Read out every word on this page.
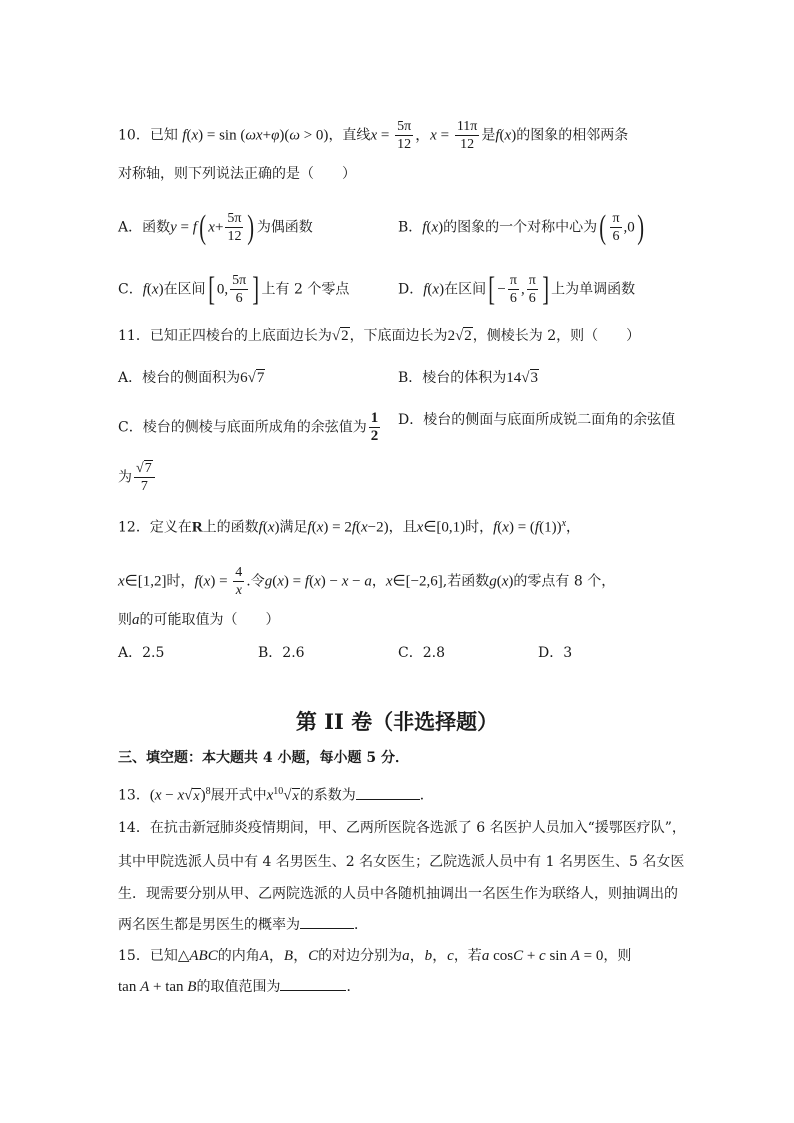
10．已知 f(x) = sin (ωx+φ)(ω > 0)，直线$x = \frac{5\pi}{12}$ ，$x = \frac{11\pi}{12}$ 是f(x)的图象的相邻两条
对称轴，则下列说法正确的是（　　）
A．函数y = f( $x+ \frac{5\pi}{12}$ ) 为偶函数	B．f(x)的图象的一个对称中心为( $\frac{\pi}{6} ,0$)
C．f(x)在区间[ 0, $\frac{5\pi}{6}$ ] 上有 2 个零点	D．f(x)在区间[ − $\frac{\pi}{6}$ , $\frac{\pi}{6}$ ] 上为单调函数
11．已知正四棱台的上底面边长为√2，下底面边长为2√2，侧棱长为 2，则（　　）
A．棱台的侧面积为6√7	B．棱台的体积为14√3
C．棱台的侧棱与底面所成角的余弦值为 $\frac{1}{2}$ D．棱台的侧面与底面所成锐二面角的余弦值
为 $\frac{√7}{7}$
12．定义在R上的函数f(x)满足f(x) = 2f(x−2)，且x∈[0,1)时，$f(x) = (f(1))^x$，
x∈[1,2]时，$f(x) = \frac{4}{x}$ .令g(x) = f(x) − x − a，x∈[−2,6],若函数g(x)的零点有 8 个，
则a的可能取值为（　　）
A．2.5	B．2.6	C．2.8	D．3
第 II 卷（非选择题）
三、填空题：本大题共 4 小题，每小题 5 分．
13．$(x - x√x)^8$展开式中$x^{10}√x$的系数为	．
14．在抗击新冠肺炎疫情期间，甲、乙两所医院各选派了 6 名医护人员加入“援鄂医疗队”，
其中甲院选派人员中有 4 名男医生、2 名女医生；乙院选派人员中有 1 名男医生、5 名女医
生．现需要分别从甲、乙两院选派的人员中各随机抽调出一名医生作为联络人，则抽调出的
两名医生都是男医生的概率为	．
15．已知△ABC的内角A，B，C的对边分别为a，b，c，若a cosC + c sin A = 0，则
tan A + tan B的取值范围为	．
